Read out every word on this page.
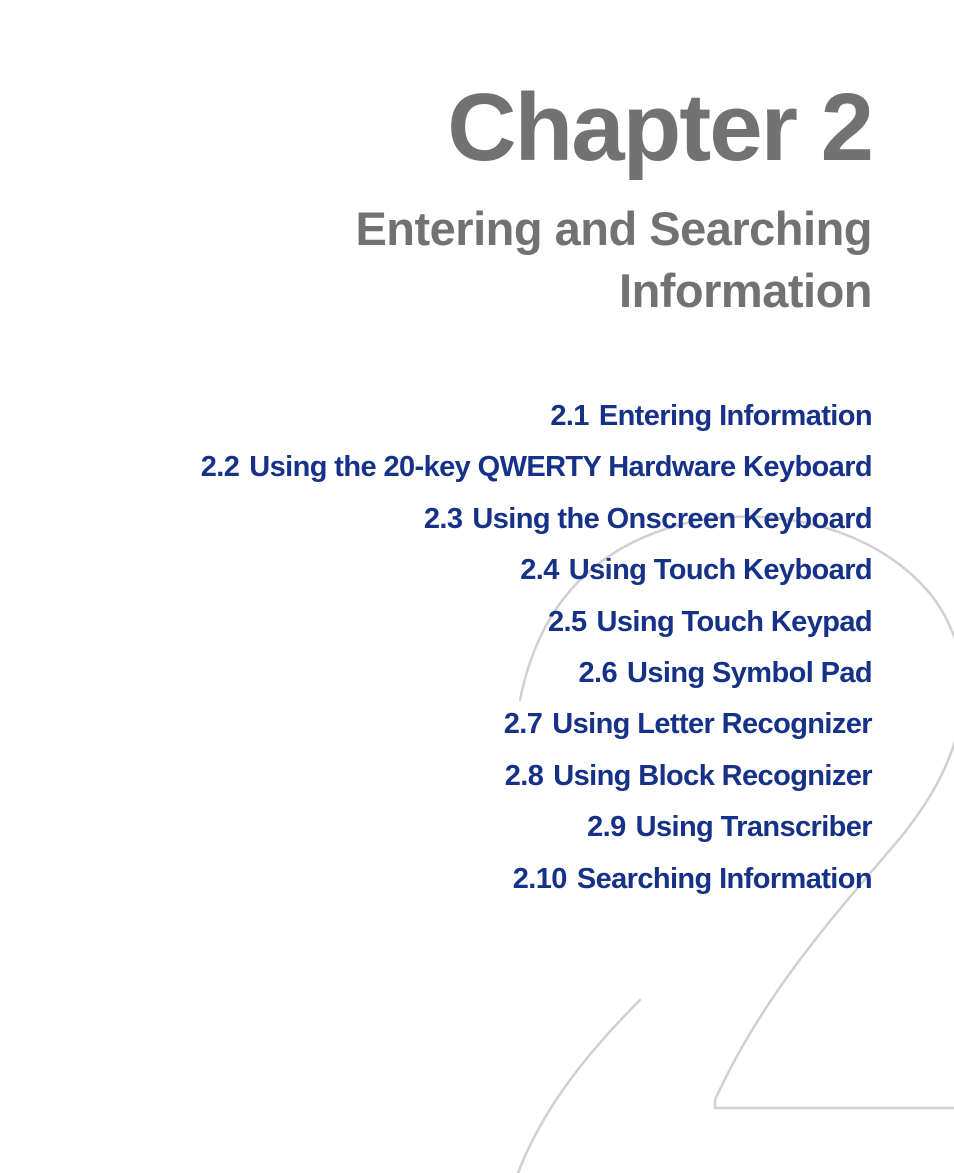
Chapter 2
Entering and Searching
Information
2.1 Entering Information
2.2 Using the 20-key QWERTY Hardware Keyboard
2.3 Using the Onscreen Keyboard
2.4 Using Touch Keyboard
2.5 Using Touch Keypad
2.6 Using Symbol Pad
2.7 Using Letter Recognizer
2.8 Using Block Recognizer
2.9 Using Transcriber
2.10 Searching Information
